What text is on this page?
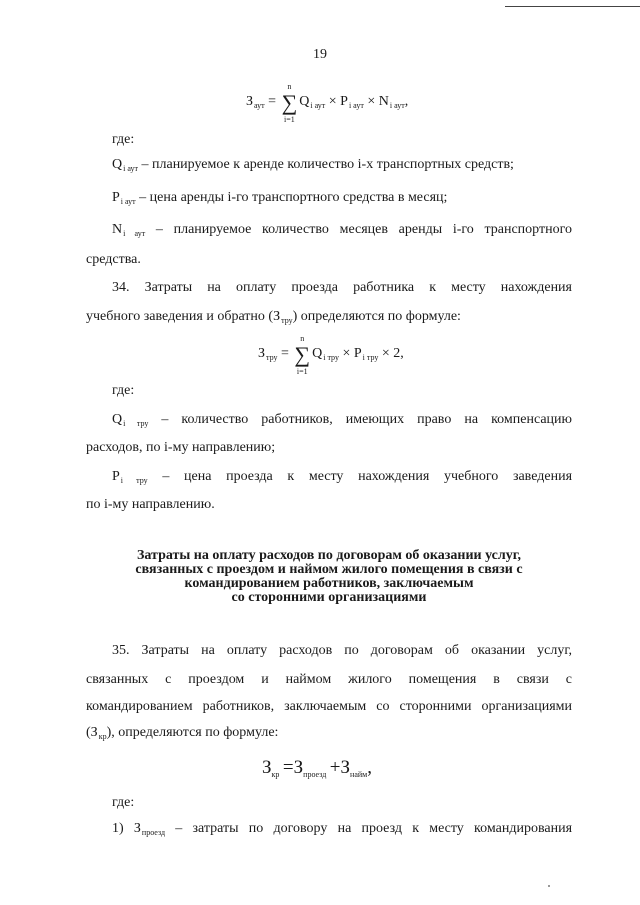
19
$З_{аут}$ = ∑
n
i=1
$Q_{i аут} \times P_{i аут} \times N_{i аут}$,
где:
$Q_{i аут}$ – планируемое к аренде количество i-х транспортных средств;
$P_{i аут}$ – цена аренды i-го транспортного средства в месяц;
$N_{i аут}$ – планируемое количество месяцев аренды i-го транспортного
средства.
34. Затраты на оплату проезда работника к месту нахождения
учебного заведения и обратно $(З_{тру})$ определяются по формуле:
$З_{тру}$ = ∑
n
i=1
$Q_{i тру} \times P_{i тру} \times 2$,
где:
$Q_{i тру}$ – количество работников, имеющих право на компенсацию
расходов, по i-му направлению;
$P_{i тру}$ – цена проезда к месту нахождения учебного заведения
по i-му направлению.
Затраты на оплату расходов по договорам об оказании услуг,
связанных с проездом и наймом жилого помещения в связи с
командированием работников, заключаемым
со сторонними организациями
35. Затраты на оплату расходов по договорам об оказании услуг,
связанных с проездом и наймом жилого помещения в связи с
командированием работников, заключаемым со сторонними организациями
$(З_{кр})$, определяются по формуле:
$З_{кр} =З_{проезд} +З_{найм}$,
где:
1) $З_{проезд}$ – затраты по договору на проезд к месту командирования
